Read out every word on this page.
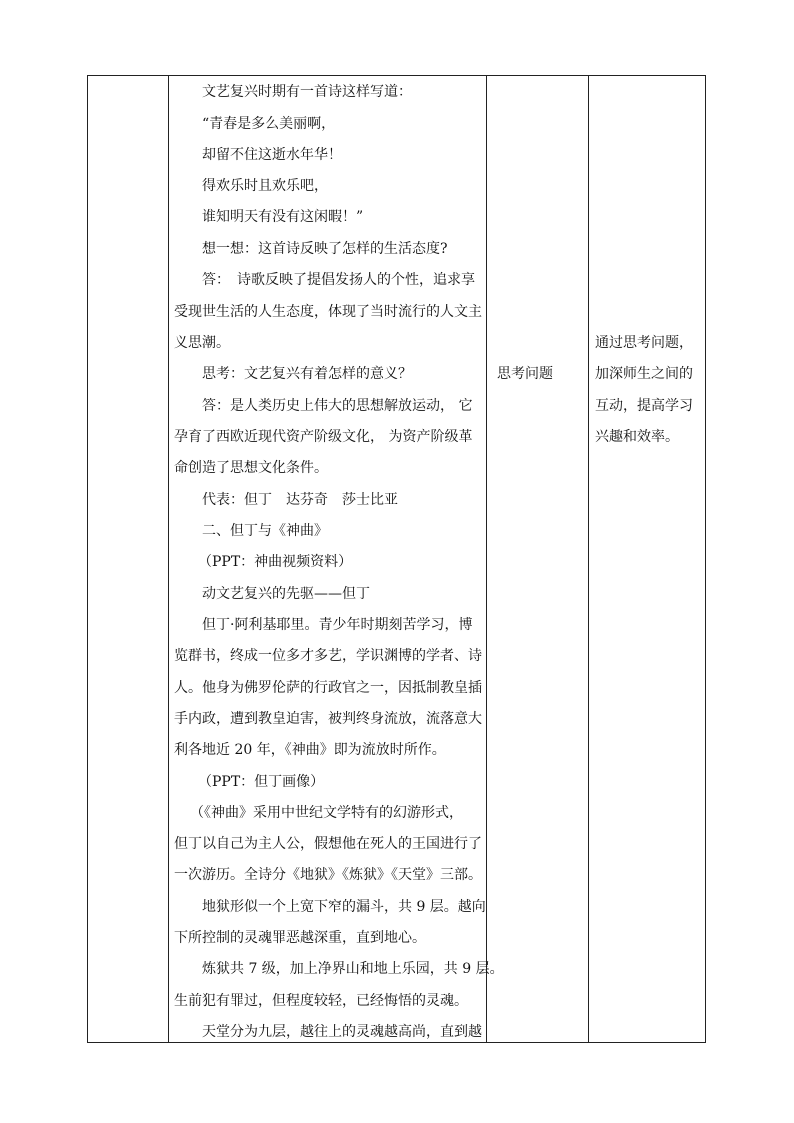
文艺复兴时期有一首诗这样写道：
“青春是多么美丽啊，
却留不住这逝水年华！
得欢乐时且欢乐吧，
谁知明天有没有这闲暇！”
想一想：这首诗反映了怎样的生活态度?
答：　诗歌反映了提倡发扬人的个性，追求享
受现世生活的人生态度，体现了当时流行的人文主
义思潮。
思考：文艺复兴有着怎样的意义？
答：是人类历史上伟大的思想解放运动， 它
孕育了西欧近现代资产阶级文化， 为资产阶级革
命创造了思想文化条件。
代表：但丁　达芬奇　莎士比亚
二、但丁与《神曲》
（PPT：神曲视频资料）
动文艺复兴的先驱——但丁
但丁·阿利基耶里。青少年时期刻苦学习，博
览群书，终成一位多才多艺，学识渊博的学者、诗
人。他身为佛罗伦萨的行政官之一，因抵制教皇插
手内政，遭到教皇迫害，被判终身流放，流落意大
利各地近 20 年，《神曲》即为流放时所作。
（PPT：但丁画像）
（《神曲》采用中世纪文学特有的幻游形式，
但丁以自己为主人公，假想他在死人的王国进行了
一次游历。全诗分《地狱》《炼狱》《天堂》三部。
地狱形似一个上宽下窄的漏斗，共 9 层。越向
下所控制的灵魂罪恶越深重，直到地心。
炼狱共 7 级，加上净界山和地上乐园，共 9 层。
生前犯有罪过，但程度较轻，已经悔悟的灵魂。
天堂分为九层，越往上的灵魂越高尚，直到越
思考问题
通过思考问题，
加深师生之间的
互动，提高学习
兴趣和效率。
